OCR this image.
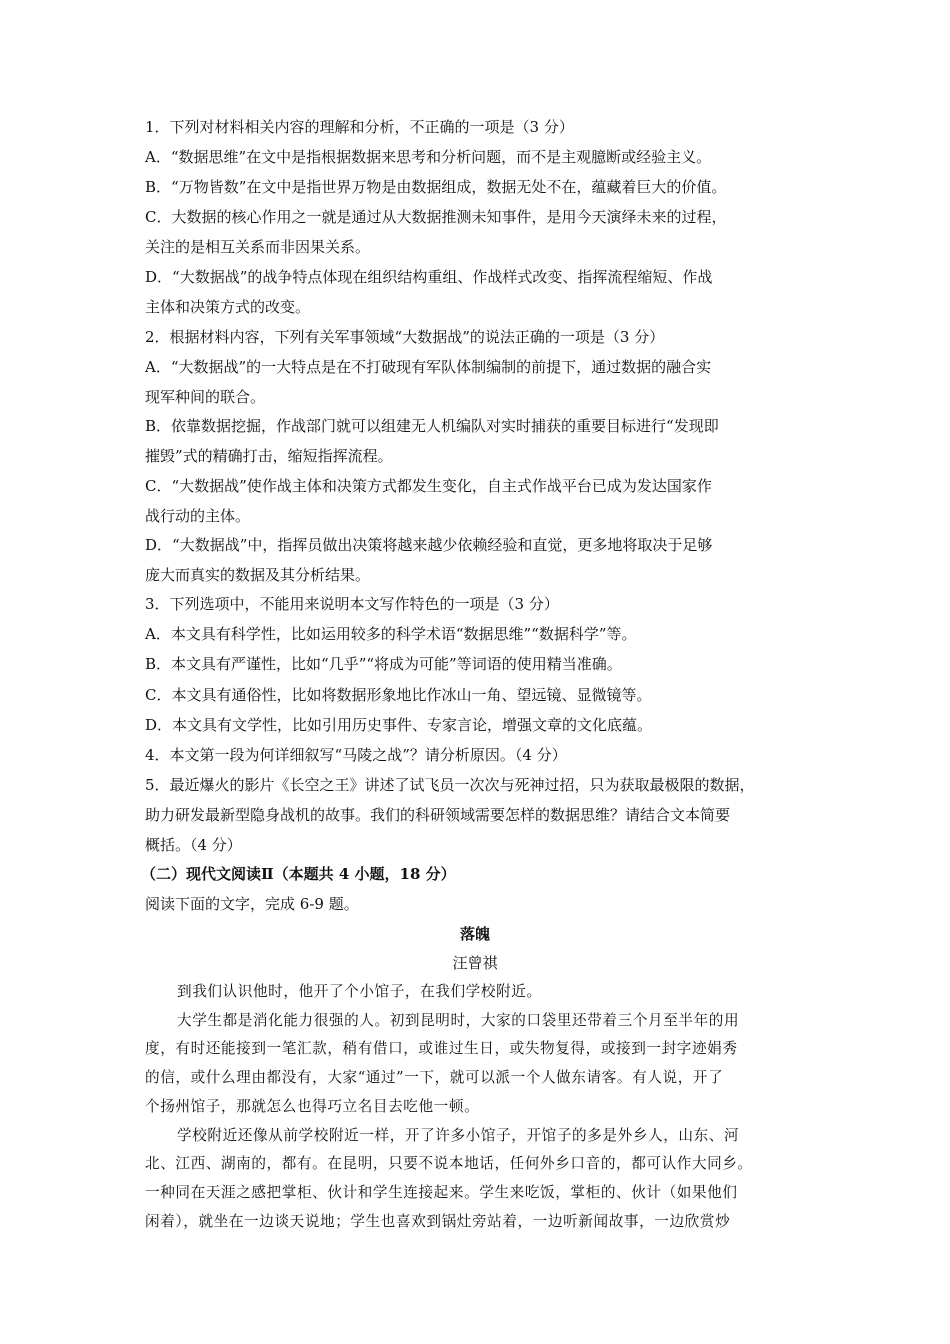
1．下列对材料相关内容的理解和分析，不正确的一项是（3 分）
A．“数据思维”在文中是指根据数据来思考和分析问题，而不是主观臆断或经验主义。
B．“万物皆数”在文中是指世界万物是由数据组成，数据无处不在，蕴藏着巨大的价值。
C．大数据的核心作用之一就是通过从大数据推测未知事件，是用今天演绎未来的过程，
关注的是相互关系而非因果关系。
D．“大数据战”的战争特点体现在组织结构重组、作战样式改变、指挥流程缩短、作战
主体和决策方式的改变。
2．根据材料内容，下列有关军事领域“大数据战”的说法正确的一项是（3 分）
A．“大数据战”的一大特点是在不打破现有军队体制编制的前提下，通过数据的融合实
现军种间的联合。
B．依靠数据挖掘，作战部门就可以组建无人机编队对实时捕获的重要目标进行“发现即
摧毁”式的精确打击，缩短指挥流程。
C．“大数据战”使作战主体和决策方式都发生变化，自主式作战平台已成为发达国家作
战行动的主体。
D．“大数据战”中，指挥员做出决策将越来越少依赖经验和直觉，更多地将取决于足够
庞大而真实的数据及其分析结果。
3．下列选项中，不能用来说明本文写作特色的一项是（3 分）
A．本文具有科学性，比如运用较多的科学术语“数据思维”“数据科学”等。
B．本文具有严谨性，比如“几乎”“将成为可能”等词语的使用精当准确。
C．本文具有通俗性，比如将数据形象地比作冰山一角、望远镜、显微镜等。
D．本文具有文学性，比如引用历史事件、专家言论，增强文章的文化底蕴。
4．本文第一段为何详细叙写“马陵之战”？请分析原因。（4 分）
5．最近爆火的影片《长空之王》讲述了试飞员一次次与死神过招，只为获取最极限的数据，
助力研发最新型隐身战机的故事。我们的科研领域需要怎样的数据思维？请结合文本简要
概括。（4 分）
（二）现代文阅读Ⅱ（本题共 4 小题，18 分）
阅读下面的文字，完成 6-9 题。
落魄
汪曾祺
到我们认识他时，他开了个小馆子，在我们学校附近。
大学生都是消化能力很强的人。初到昆明时，大家的口袋里还带着三个月至半年的用
度，有时还能接到一笔汇款，稍有借口，或谁过生日，或失物复得，或接到一封字迹娟秀
的信，或什么理由都没有，大家“通过”一下，就可以派一个人做东请客。有人说，开了
个扬州馆子，那就怎么也得巧立名目去吃他一顿。
学校附近还像从前学校附近一样，开了许多小馆子，开馆子的多是外乡人，山东、河
北、江西、湖南的，都有。在昆明，只要不说本地话，任何外乡口音的，都可认作大同乡。
一种同在天涯之感把掌柜、伙计和学生连接起来。学生来吃饭，掌柜的、伙计（如果他们
闲着），就坐在一边谈天说地；学生也喜欢到锅灶旁站着，一边听新闻故事，一边欣赏炒
